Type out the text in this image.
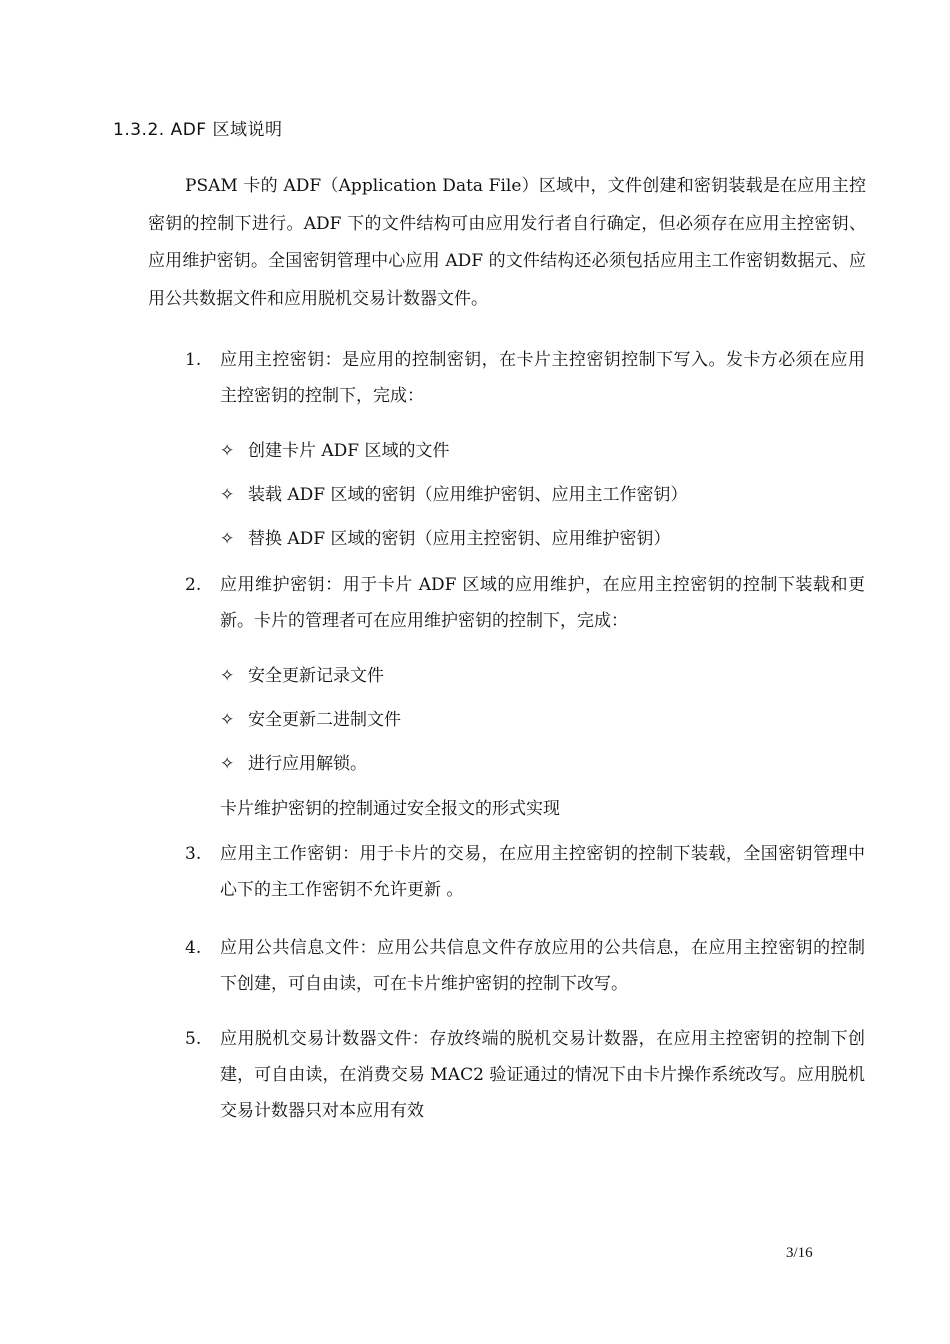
1.3.2. ADF 区域说明
PSAM 卡的 ADF（Application Data File）区域中，文件创建和密钥装载是在应用主控密钥的控制下进行。ADF 下的文件结构可由应用发行者自行确定，但必须存在应用主控密钥、应用维护密钥。全国密钥管理中心应用 ADF 的文件结构还必须包括应用主工作密钥数据元、应用公共数据文件和应用脱机交易计数器文件。
1. 应用主控密钥：是应用的控制密钥，在卡片主控密钥控制下写入。发卡方必须在应用主控密钥的控制下，完成：
✧ 创建卡片 ADF 区域的文件
✧ 装载 ADF 区域的密钥（应用维护密钥、应用主工作密钥）
✧ 替换 ADF 区域的密钥（应用主控密钥、应用维护密钥）
2. 应用维护密钥：用于卡片 ADF 区域的应用维护，在应用主控密钥的控制下装载和更新。卡片的管理者可在应用维护密钥的控制下，完成：
✧ 安全更新记录文件
✧ 安全更新二进制文件
✧ 进行应用解锁。
卡片维护密钥的控制通过安全报文的形式实现
3. 应用主工作密钥：用于卡片的交易，在应用主控密钥的控制下装载，全国密钥管理中心下的主工作密钥不允许更新 。
4. 应用公共信息文件：应用公共信息文件存放应用的公共信息，在应用主控密钥的控制下创建，可自由读，可在卡片维护密钥的控制下改写。
5. 应用脱机交易计数器文件：存放终端的脱机交易计数器，在应用主控密钥的控制下创建，可自由读，在消费交易 MAC2 验证通过的情况下由卡片操作系统改写。应用脱机交易计数器只对本应用有效
3/16
